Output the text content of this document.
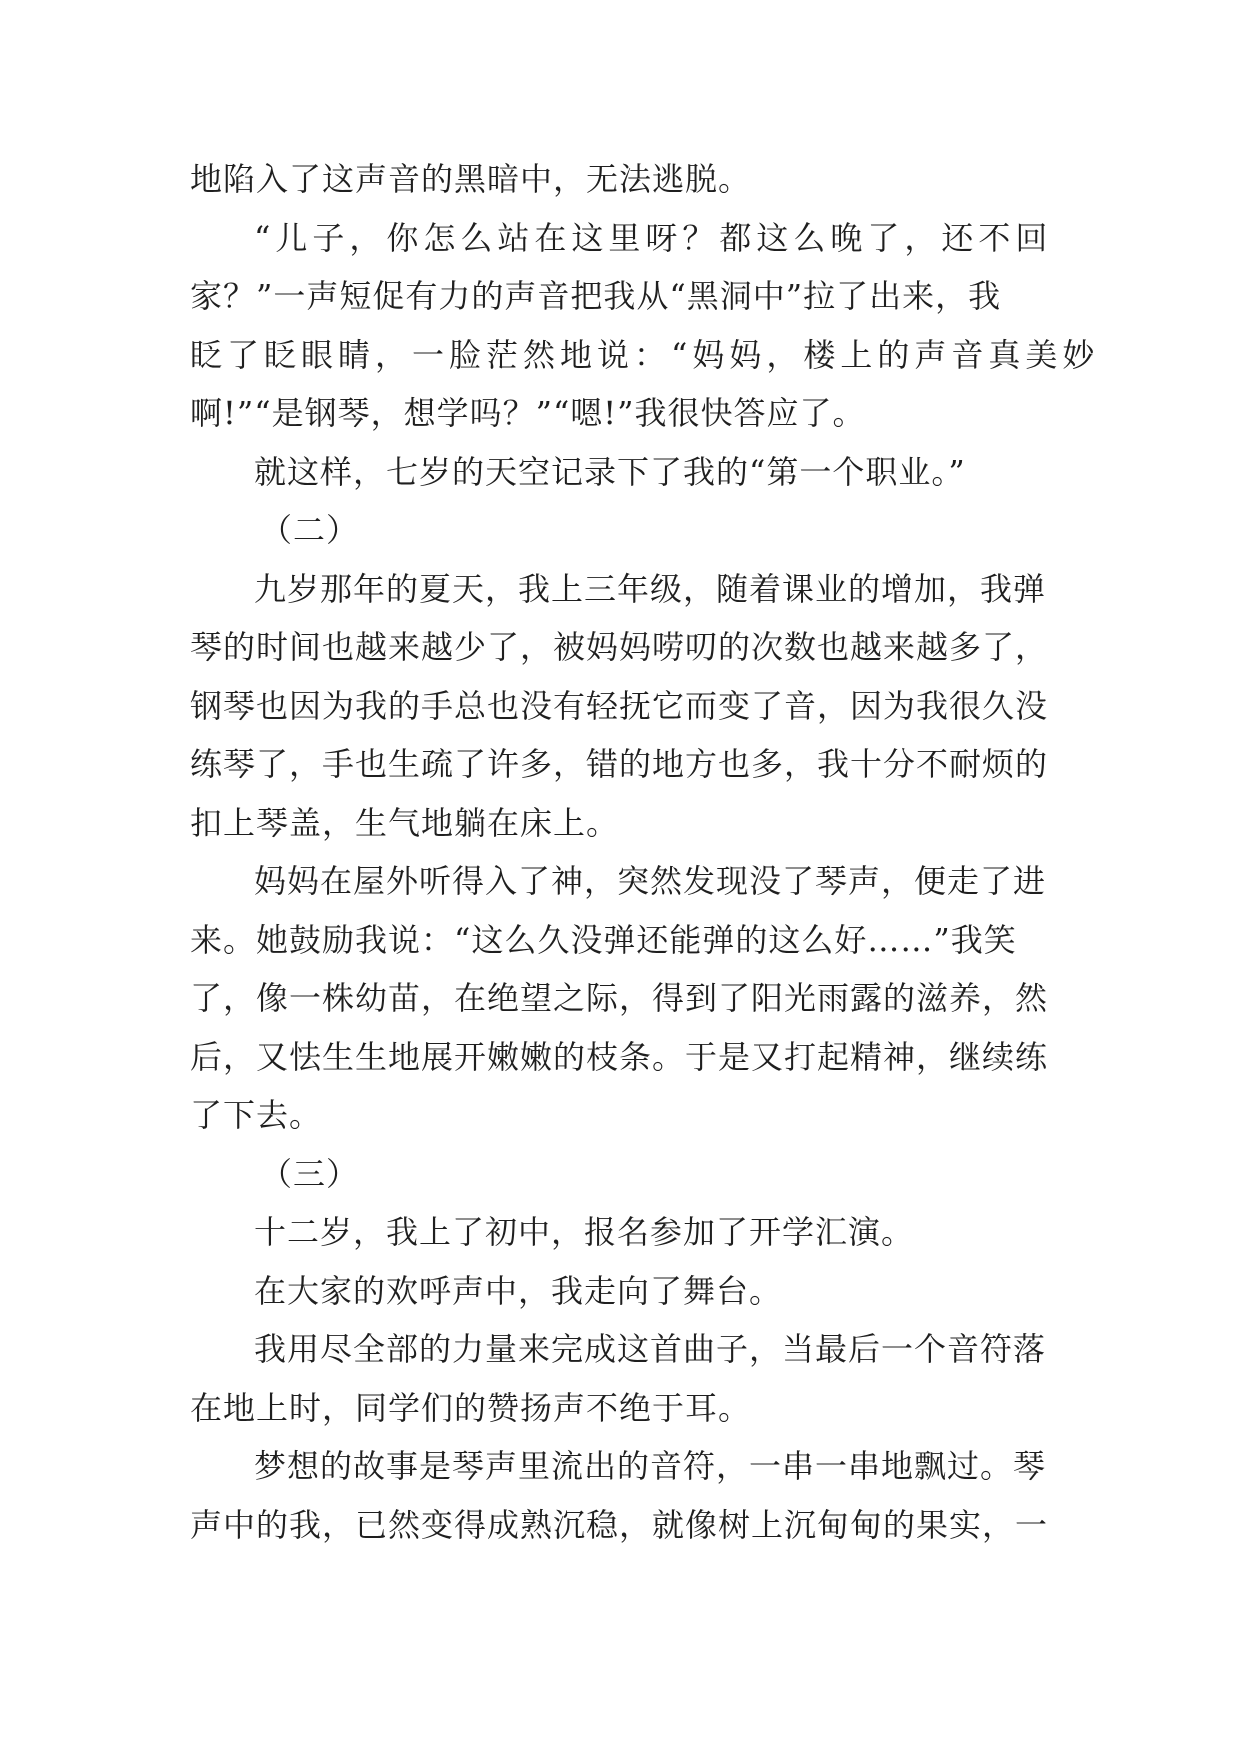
地陷入了这声音的黑暗中，无法逃脱。
“儿子，你怎么站在这里呀？都这么晚了，还不回
家？”一声短促有力的声音把我从“黑洞中”拉了出来，我
眨了眨眼睛，一脸茫然地说：“妈妈，楼上的声音真美妙
啊!”“是钢琴，想学吗？”“嗯!”我很快答应了。
就这样，七岁的天空记录下了我的“第一个职业。”
（二）
九岁那年的夏天，我上三年级，随着课业的增加，我弹
琴的时间也越来越少了，被妈妈唠叨的次数也越来越多了，
钢琴也因为我的手总也没有轻抚它而变了音，因为我很久没
练琴了，手也生疏了许多，错的地方也多，我十分不耐烦的
扣上琴盖，生气地躺在床上。
妈妈在屋外听得入了神，突然发现没了琴声，便走了进
来。她鼓励我说：“这么久没弹还能弹的这么好……”我笑
了，像一株幼苗，在绝望之际，得到了阳光雨露的滋养，然
后，又怯生生地展开嫩嫩的枝条。于是又打起精神，继续练
了下去。
（三）
十二岁，我上了初中，报名参加了开学汇演。
在大家的欢呼声中，我走向了舞台。
我用尽全部的力量来完成这首曲子，当最后一个音符落
在地上时，同学们的赞扬声不绝于耳。
梦想的故事是琴声里流出的音符，一串一串地飘过。琴
声中的我，已然变得成熟沉稳，就像树上沉甸甸的果实，一
